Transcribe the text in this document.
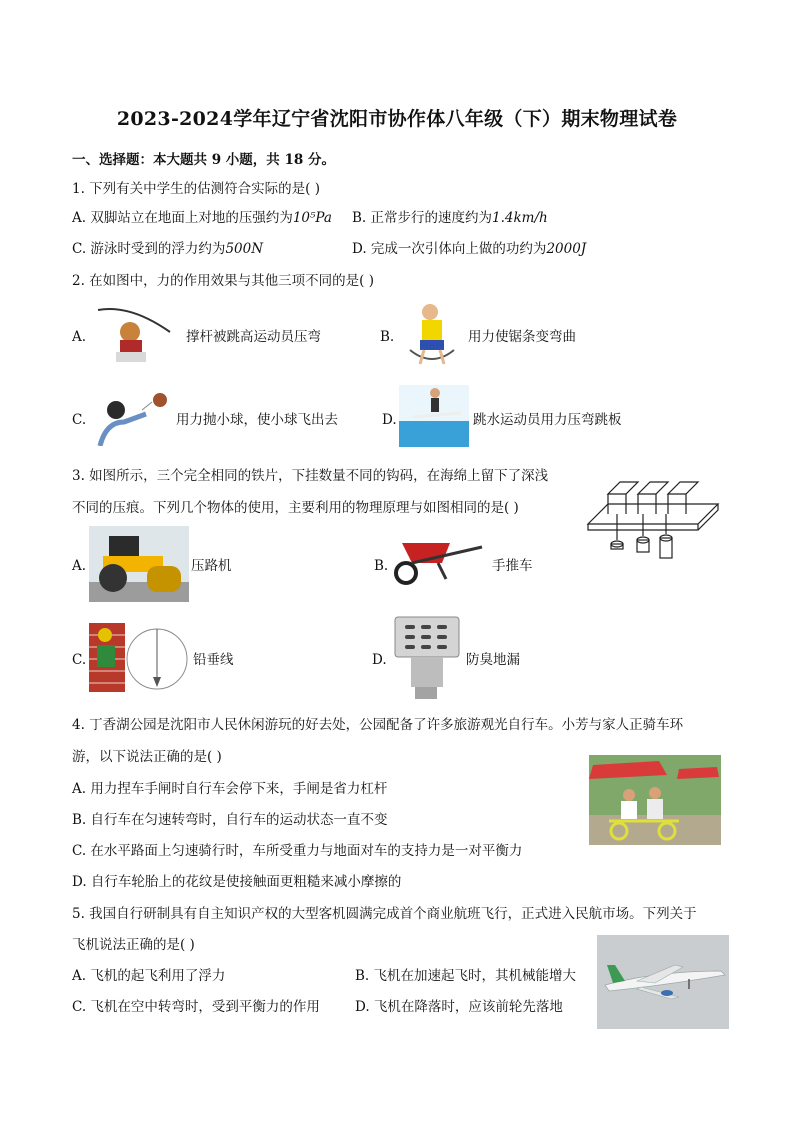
2023-2024学年辽宁省沈阳市协作体八年级（下）期末物理试卷
一、选择题：本大题共 9 小题，共 18 分。
1. 下列有关中学生的估测符合实际的是( )
A. 双脚站立在地面上对地的压强约为10⁵Pa B. 正常步行的速度约为1.4km/h
C. 游泳时受到的浮力约为500N	D. 完成一次引体向上做的功约为2000J
2. 在如图中，力的作用效果与其他三项不同的是( )
A.	撑杆被跳高运动员压弯	B.	用力使锯条变弯曲
C.	用力抛小球，使小球飞出去	D.	跳水运动员用力压弯跳板
3. 如图所示，三个完全相同的铁片，下挂数量不同的钩码，在海绵上留下了深浅
不同的压痕。下列几个物体的使用，主要利用的物理原理与如图相同的是( )
A.	压路机	B.	手推车
C.	铅垂线	D.	防臭地漏
4. 丁香湖公园是沈阳市人民休闲游玩的好去处，公园配备了许多旅游观光自行车。小芳与家人正骑车环
游，以下说法正确的是( )
A. 用力捏车手闸时自行车会停下来，手闸是省力杠杆
B. 自行车在匀速转弯时，自行车的运动状态一直不变
C. 在水平路面上匀速骑行时，车所受重力与地面对车的支持力是一对平衡力
D. 自行车轮胎上的花纹是使接触面更粗糙来减小摩擦的
5. 我国自行研制具有自主知识产权的大型客机圆满完成首个商业航班飞行，正式进入民航市场。下列关于
飞机说法正确的是( )
A. 飞机的起飞利用了浮力	B. 飞机在加速起飞时，其机械能增大
C. 飞机在空中转弯时，受到平衡力的作用	D. 飞机在降落时，应该前轮先落地
